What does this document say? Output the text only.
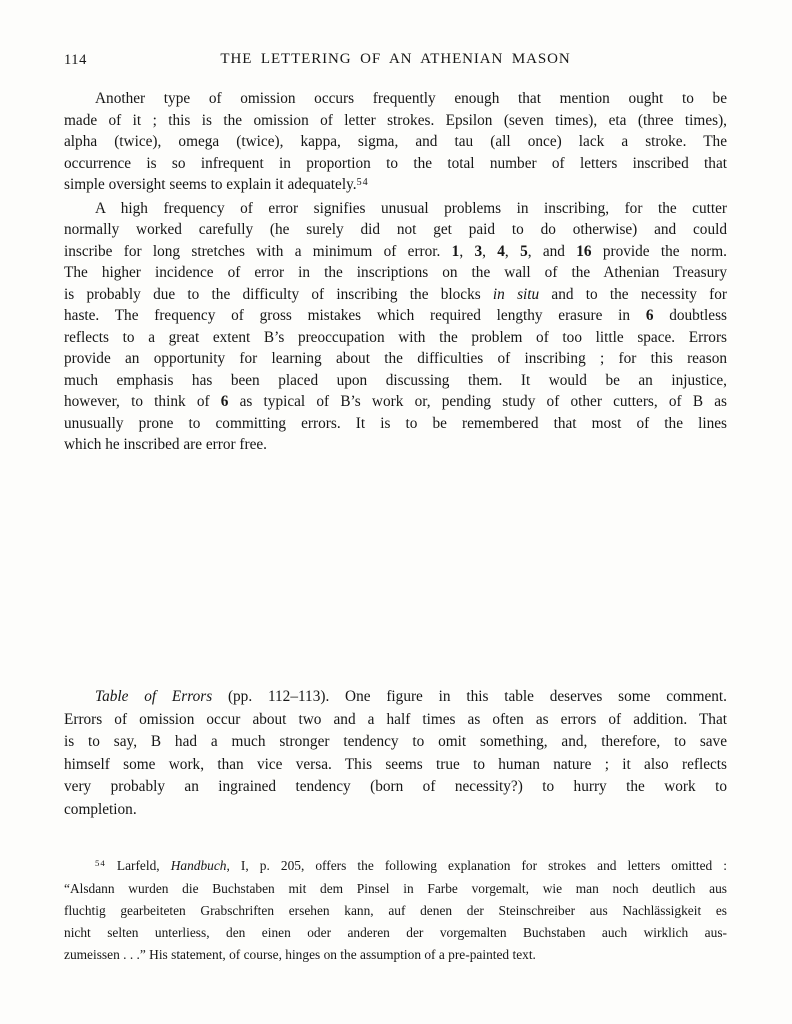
114	THE LETTERING OF AN ATHENIAN MASON
Another type of omission occurs frequently enough that mention ought to be
made of it ; this is the omission of letter strokes. Epsilon (seven times), eta (three times),
alpha (twice), omega (twice), kappa, sigma, and tau (all once) lack a stroke. The
occurrence is so infrequent in proportion to the total number of letters inscribed that
simple oversight seems to explain it adequately.$^{54}$
A high frequency of error signifies unusual problems in inscribing, for the cutter
normally worked carefully (he surely did not get paid to do otherwise) and could
inscribe for long stretches with a minimum of error. 1, 3, 4, 5, and 16 provide the norm.
The higher incidence of error in the inscriptions on the wall of the Athenian Treasury
is probably due to the difficulty of inscribing the blocks in situ and to the necessity for
haste. The frequency of gross mistakes which required lengthy erasure in 6 doubtless
reflects to a great extent B’s preoccupation with the problem of too little space. Errors
provide an opportunity for learning about the difficulties of inscribing ; for this reason
much emphasis has been placed upon discussing them. It would be an injustice,
however, to think of 6 as typical of B’s work or, pending study of other cutters, of B as
unusually prone to committing errors. It is to be remembered that most of the lines
which he inscribed are error free.
Table of Errors (pp. 112–113). One figure in this table deserves some comment.
Errors of omission occur about two and a half times as often as errors of addition. That
is to say, B had a much stronger tendency to omit something, and, therefore, to save
himself some work, than vice versa. This seems true to human nature ; it also reflects
very probably an ingrained tendency (born of necessity?) to hurry the work to
completion.
$^{54}$ Larfeld, Handbuch, I, p. 205, offers the following explanation for strokes and letters omitted :
“Alsdann wurden die Buchstaben mit dem Pinsel in Farbe vorgemalt, wie man noch deutlich aus
fluchtig gearbeiteten Grabschriften ersehen kann, auf denen der Steinschreiber aus Nachlässigkeit es
nicht selten unterliess, den einen oder anderen der vorgemalten Buchstaben auch wirklich aus-
zumeissen . . .” His statement, of course, hinges on the assumption of a pre-painted text.
